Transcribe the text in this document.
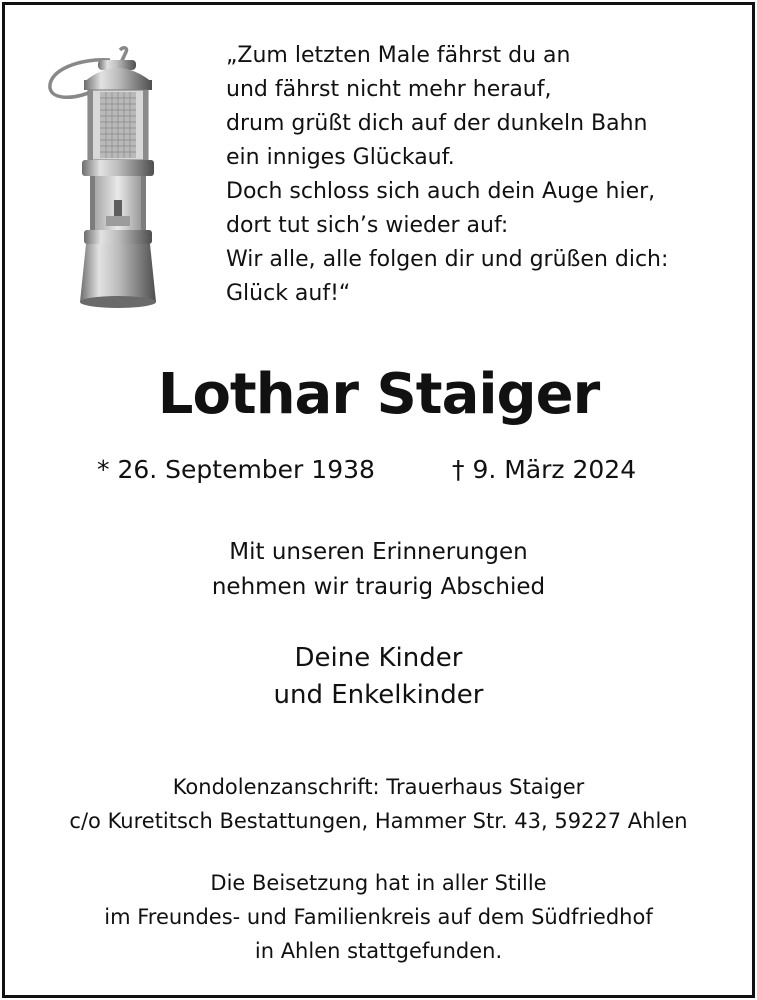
„Zum letzten Male fährst du an
und fährst nicht mehr herauf,
drum grüßt dich auf der dunkeln Bahn
ein inniges Glückauf.
Doch schloss sich auch dein Auge hier,
dort tut sich’s wieder auf:
Wir alle, alle folgen dir und grüßen dich:
Glück auf!“
Lothar Staiger
* 26. September 1938	† 9. März 2024
Mit unseren Erinnerungen
nehmen wir traurig Abschied
Deine Kinder
und Enkelkinder
Kondolenzanschrift: Trauerhaus Staiger
c/o Kuretitsch Bestattungen, Hammer Str. 43, 59227 Ahlen
Die Beisetzung hat in aller Stille
im Freundes- und Familienkreis auf dem Südfriedhof
in Ahlen stattgefunden.
